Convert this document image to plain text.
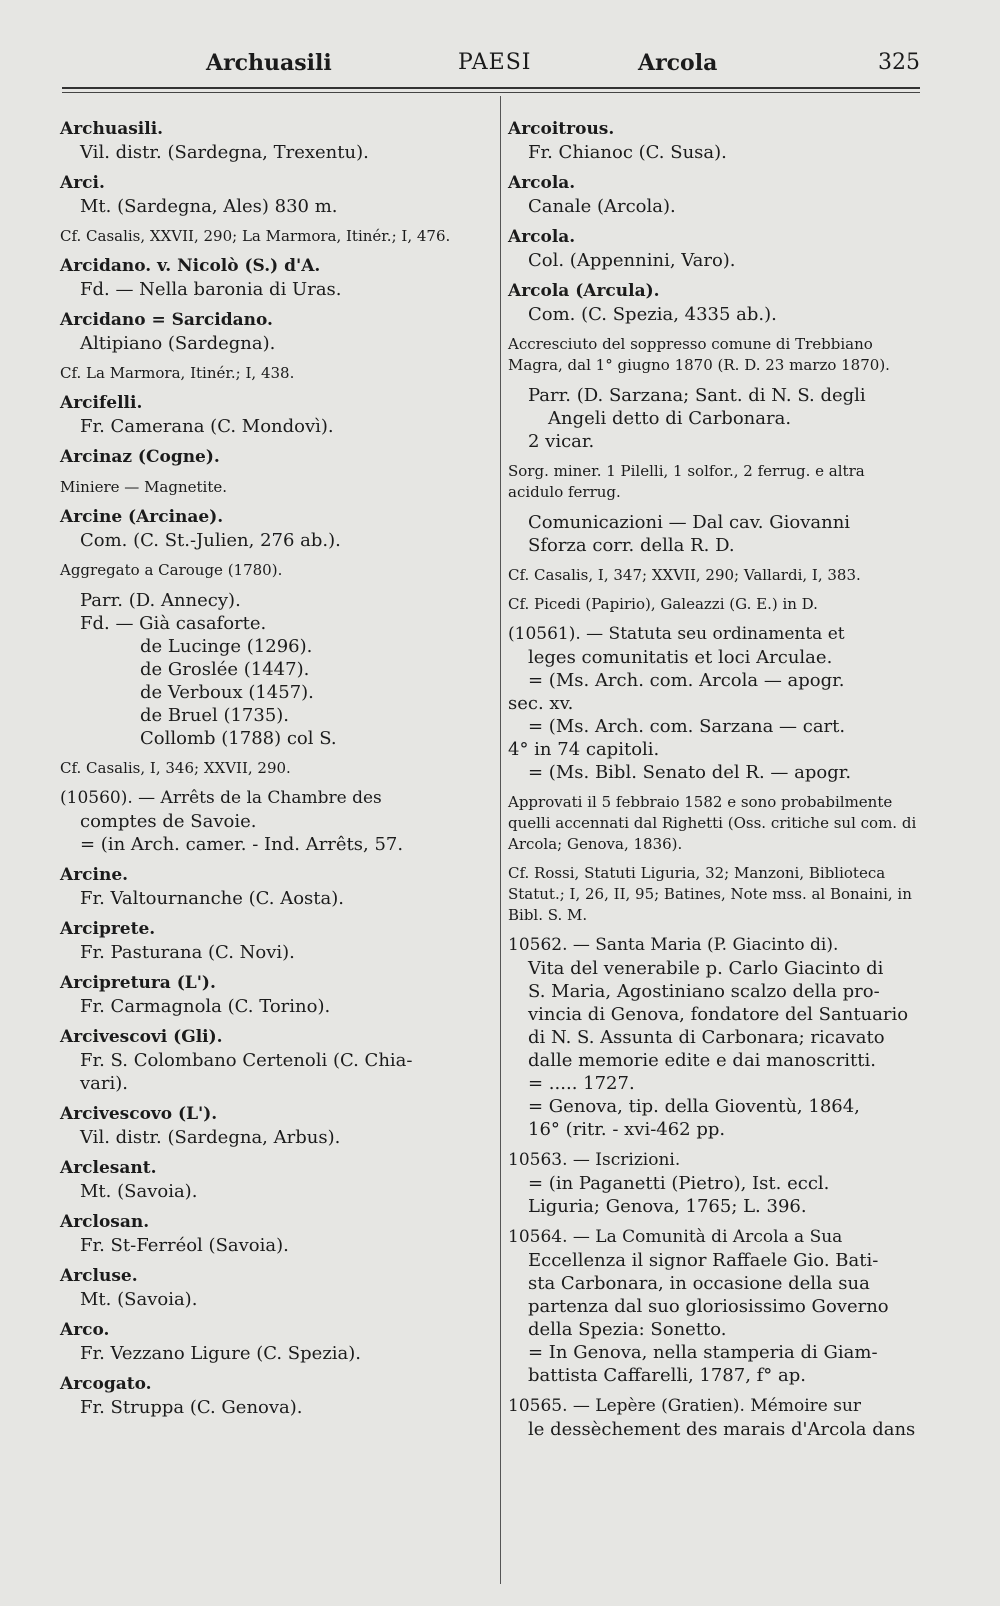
Archuasili	PAESI	Arcola	325
Archuasili.
Vil. distr. (Sardegna, Trexentu).
Arci.
Mt. (Sardegna, Ales) 830 m.
Cf. Casalis, XXVII, 290; La Marmora, Itinér.; I, 476.
Arcidano. v. Nicolò (S.) d'A.
Fd. — Nella baronia di Uras.
Arcidano = Sarcidano.
Altipiano (Sardegna).
Cf. La Marmora, Itinér.; I, 438.
Arcifelli.
Fr. Camerana (C. Mondovì).
Arcinaz (Cogne).
Miniere — Magnetite.
Arcine (Arcinae).
Com. (C. St.-Julien, 276 ab.).
Aggregato a Carouge (1780).
Parr. (D. Annecy).
Fd. — Già casaforte.
de Lucinge (1296).
de Groslée (1447).
de Verboux (1457).
de Bruel (1735).
Collomb (1788) col S.
Cf. Casalis, I, 346; XXVII, 290.
(10560). — Arrêts de la Chambre des
comptes de Savoie.
= (in Arch. camer. - Ind. Arrêts, 57.
Arcine.
Fr. Valtournanche (C. Aosta).
Arciprete.
Fr. Pasturana (C. Novi).
Arcipretura (L').
Fr. Carmagnola (C. Torino).
Arcivescovi (Gli).
Fr. S. Colombano Certenoli (C. Chia-
vari).
Arcivescovo (L').
Vil. distr. (Sardegna, Arbus).
Arclesant.
Mt. (Savoia).
Arclosan.
Fr. St-Ferréol (Savoia).
Arcluse.
Mt. (Savoia).
Arco.
Fr. Vezzano Ligure (C. Spezia).
Arcogato.
Fr. Struppa (C. Genova).
Arcoitrous.
Fr. Chianoc (C. Susa).
Arcola.
Canale (Arcola).
Arcola.
Col. (Appennini, Varo).
Arcola (Arcula).
Com. (C. Spezia, 4335 ab.).
Accresciuto del soppresso comune di Trebbiano Magra, dal 1° giugno 1870 (R. D. 23 marzo 1870).
Parr. (D. Sarzana; Sant. di N. S. degli
Angeli detto di Carbonara.
2 vicar.
Sorg. miner. 1 Pilelli, 1 solfor., 2 ferrug. e altra acidulo ferrug.
Comunicazioni — Dal cav. Giovanni
Sforza corr. della R. D.
Cf. Casalis, I, 347; XXVII, 290; Vallardi, I, 383.
Cf. Picedi (Papirio), Galeazzi (G. E.) in D.
(10561). — Statuta seu ordinamenta et
leges comunitatis et loci Arculae.
= (Ms. Arch. com. Arcola — apogr.
sec. xv.
= (Ms. Arch. com. Sarzana — cart.
4° in 74 capitoli.
= (Ms. Bibl. Senato del R. — apogr.
Approvati il 5 febbraio 1582 e sono probabilmente quelli accennati dal Righetti (Oss. critiche sul com. di Arcola; Genova, 1836).
Cf. Rossi, Statuti Liguria, 32; Manzoni, Biblioteca Statut.; I, 26, II, 95; Batines, Note mss. al Bonaini, in Bibl. S. M.
10562. — Santa Maria (P. Giacinto di).
Vita del venerabile p. Carlo Giacinto di
S. Maria, Agostiniano scalzo della pro-
vincia di Genova, fondatore del Santuario
di N. S. Assunta di Carbonara; ricavato
dalle memorie edite e dai manoscritti.
= ..... 1727.
= Genova, tip. della Gioventù, 1864,
16° (ritr. - xvi-462 pp.
10563. — Iscrizioni.
= (in Paganetti (Pietro), Ist. eccl.
Liguria; Genova, 1765; L. 396.
10564. — La Comunità di Arcola a Sua
Eccellenza il signor Raffaele Gio. Bati-
sta Carbonara, in occasione della sua
partenza dal suo gloriosissimo Governo
della Spezia: Sonetto.
= In Genova, nella stamperia di Giam-
battista Caffarelli, 1787, f° ap.
10565. — Lepère (Gratien). Mémoire sur
le dessèchement des marais d'Arcola dans
